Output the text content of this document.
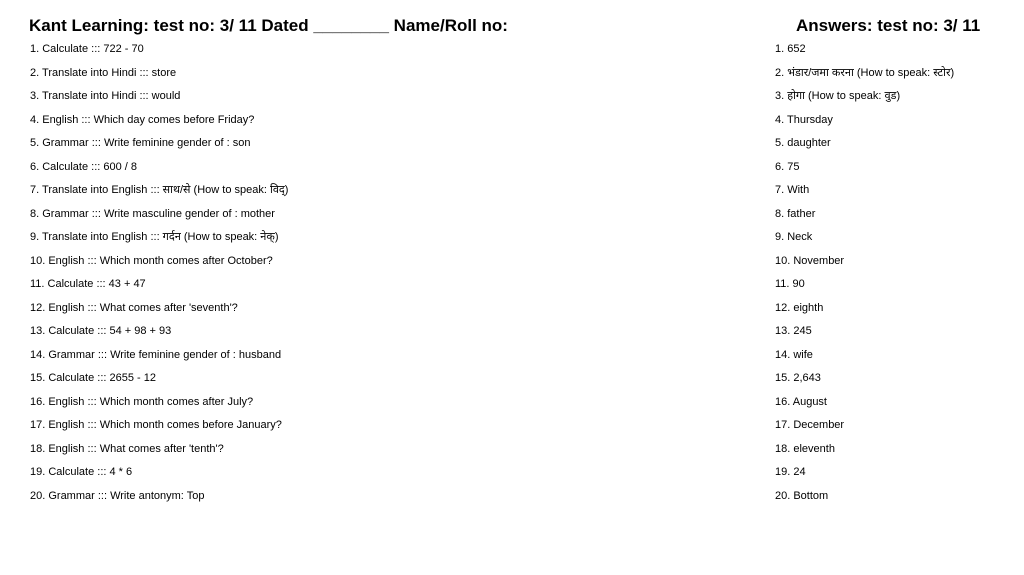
Kant Learning: test no: 3/ 11 Dated ________ Name/Roll no:	Answers: test no: 3/ 11
1. Calculate ::: 722 - 70
2. Translate into Hindi ::: store
3. Translate into Hindi ::: would
4. English ::: Which day comes before Friday?
5. Grammar ::: Write feminine gender of : son
6. Calculate ::: 600 / 8
7. Translate into English ::: साथ/से (How to speak: विद्)
8. Grammar ::: Write masculine gender of : mother
9. Translate into English ::: गर्दन (How to speak: नेक्)
10. English ::: Which month comes after October?
11. Calculate ::: 43 + 47
12. English ::: What comes after 'seventh'?
13. Calculate ::: 54 + 98 + 93
14. Grammar ::: Write feminine gender of : husband
15. Calculate ::: 2655 - 12
16. English ::: Which month comes after July?
17. English ::: Which month comes before January?
18. English ::: What comes after 'tenth'?
19. Calculate ::: 4 * 6
20. Grammar ::: Write antonym: Top
1. 652
2. भंडार/जमा करना (How to speak: स्टोर)
3. होगा (How to speak: वुड)
4. Thursday
5. daughter
6. 75
7. With
8. father
9. Neck
10. November
11. 90
12. eighth
13. 245
14. wife
15. 2,643
16. August
17. December
18. eleventh
19. 24
20. Bottom
